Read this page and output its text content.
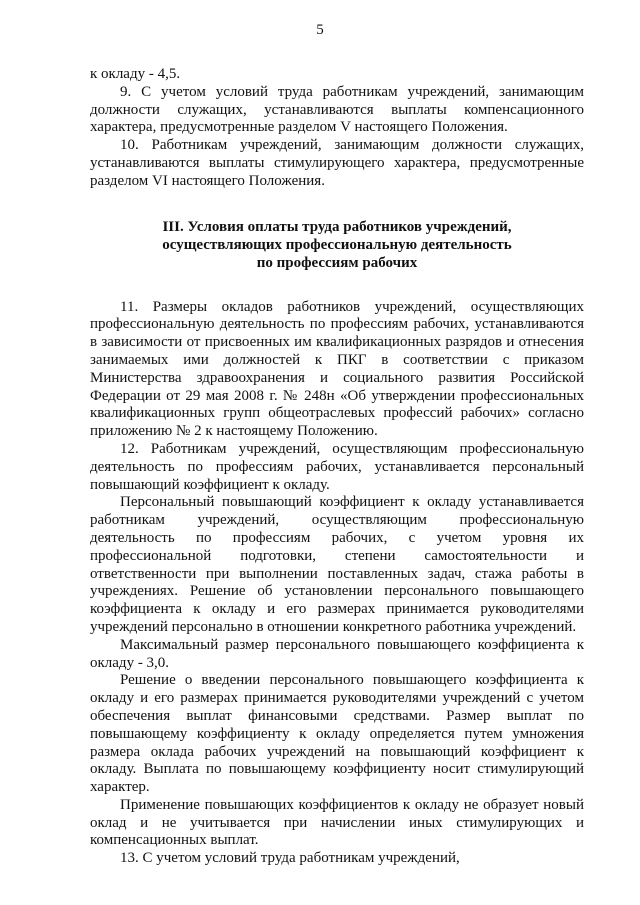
5

к окладу - 4,5.

9. С учетом условий труда работникам учреждений, занимающим должности служащих, устанавливаются выплаты компенсационного характера, предусмотренные разделом V настоящего Положения.

10. Работникам учреждений, занимающим должности служащих, устанавливаются выплаты стимулирующего характера, предусмотренные разделом VI настоящего Положения.

III. Условия оплаты труда работников учреждений,
осуществляющих профессиональную деятельность
по профессиям рабочих

11. Размеры окладов работников учреждений, осуществляющих профессиональную деятельность по профессиям рабочих, устанавливаются в зависимости от присвоенных им квалификационных разрядов и отнесения занимаемых ими должностей к ПКГ в соответствии с приказом Министерства здравоохранения и социального развития Российской Федерации от 29 мая 2008 г. № 248н «Об утверждении профессиональных квалификационных групп общеотраслевых профессий рабочих» согласно приложению № 2 к настоящему Положению.

12. Работникам учреждений, осуществляющим профессиональную деятельность по профессиям рабочих, устанавливается персональный повышающий коэффициент к окладу.

Персональный повышающий коэффициент к окладу устанавливается работникам учреждений, осуществляющим профессиональную деятельность по профессиям рабочих, с учетом уровня их профессиональной подготовки, степени самостоятельности и ответственности при выполнении поставленных задач, стажа работы в учреждениях. Решение об установлении персонального повышающего коэффициента к окладу и его размерах принимается руководителями учреждений персонально в отношении конкретного работника учреждений.

Максимальный размер персонального повышающего коэффициента к окладу - 3,0.

Решение о введении персонального повышающего коэффициента к окладу и его размерах принимается руководителями учреждений с учетом обеспечения выплат финансовыми средствами. Размер выплат по повышающему коэффициенту к окладу определяется путем умножения размера оклада рабочих учреждений на повышающий коэффициент к окладу. Выплата по повышающему коэффициенту носит стимулирующий характер.

Применение повышающих коэффициентов к окладу не образует новый оклад и не учитывается при начислении иных стимулирующих и компенсационных выплат.

13. С учетом условий труда работникам учреждений,
